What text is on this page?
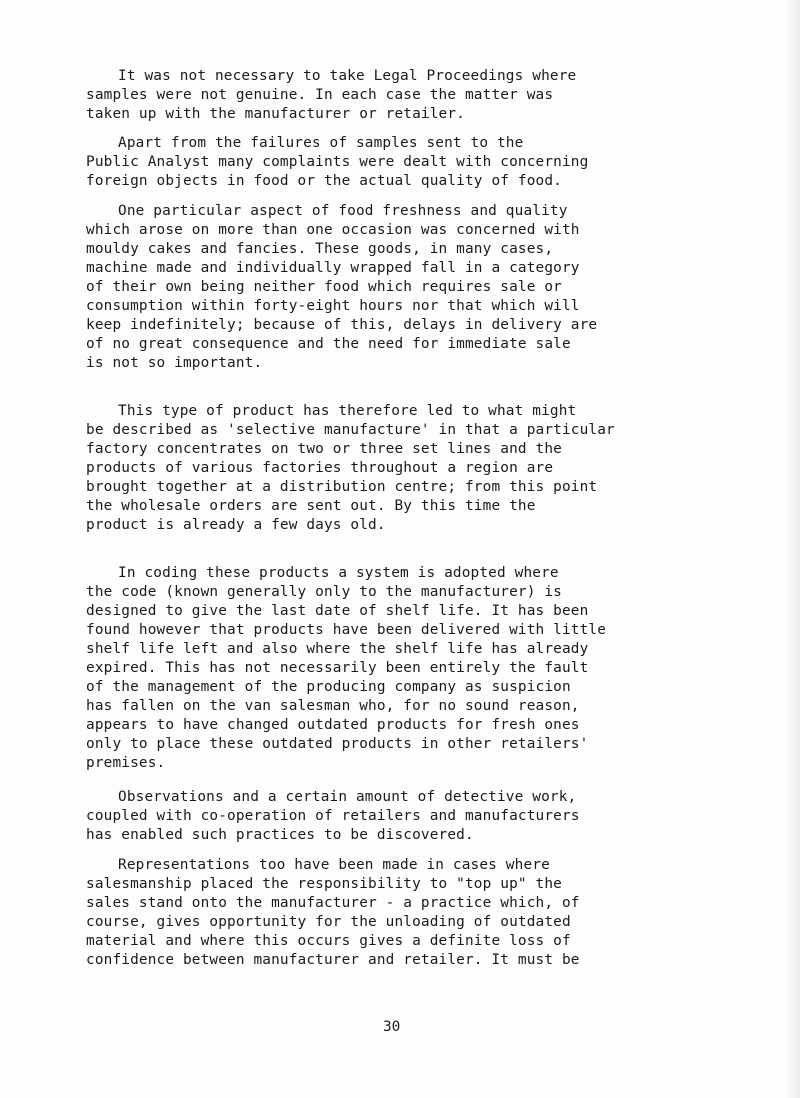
It was not necessary to take Legal Proceedings where
samples were not genuine. In each case the matter was
taken up with the manufacturer or retailer.
Apart from the failures of samples sent to the
Public Analyst many complaints were dealt with concerning
foreign objects in food or the actual quality of food.
One particular aspect of food freshness and quality
which arose on more than one occasion was concerned with
mouldy cakes and fancies. These goods, in many cases,
machine made and individually wrapped fall in a category
of their own being neither food which requires sale or
consumption within forty-eight hours nor that which will
keep indefinitely; because of this, delays in delivery are
of no great consequence and the need for immediate sale
is not so important.
This type of product has therefore led to what might
be described as 'selective manufacture' in that a particular
factory concentrates on two or three set lines and the
products of various factories throughout a region are
brought together at a distribution centre; from this point
the wholesale orders are sent out. By this time the
product is already a few days old.
In coding these products a system is adopted where
the code (known generally only to the manufacturer) is
designed to give the last date of shelf life. It has been
found however that products have been delivered with little
shelf life left and also where the shelf life has already
expired. This has not necessarily been entirely the fault
of the management of the producing company as suspicion
has fallen on the van salesman who, for no sound reason,
appears to have changed outdated products for fresh ones
only to place these outdated products in other retailers'
premises.
Observations and a certain amount of detective work,
coupled with co-operation of retailers and manufacturers
has enabled such practices to be discovered.
Representations too have been made in cases where
salesmanship placed the responsibility to "top up" the
sales stand onto the manufacturer - a practice which, of
course, gives opportunity for the unloading of outdated
material and where this occurs gives a definite loss of
confidence between manufacturer and retailer. It must be
30
